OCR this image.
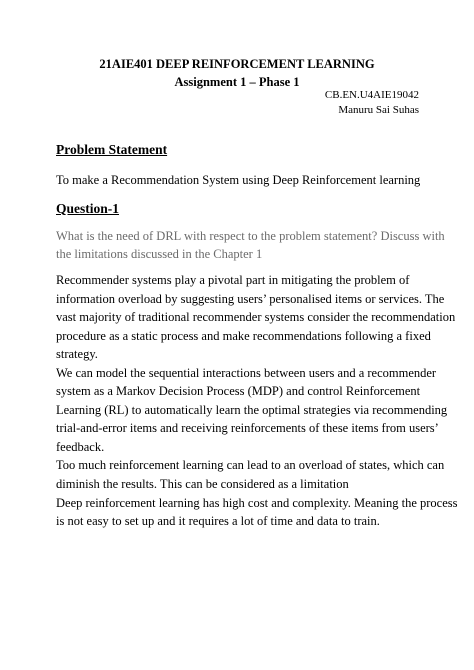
21AIE401 DEEP REINFORCEMENT LEARNING
Assignment 1 – Phase 1
CB.EN.U4AIE19042
Manuru Sai Suhas
Problem Statement
To make a Recommendation System using Deep Reinforcement learning
Question-1
What is the need of DRL with respect to the problem statement? Discuss with
the limitations discussed in the Chapter 1
Recommender systems play a pivotal part in mitigating the problem of
information overload by suggesting users’ personalised items or services. The
vast majority of traditional recommender systems consider the recommendation
procedure as a static process and make recommendations following a fixed
strategy.
We can model the sequential interactions between users and a recommender
system as a Markov Decision Process (MDP) and control Reinforcement
Learning (RL) to automatically learn the optimal strategies via recommending
trial-and-error items and receiving reinforcements of these items from users’
feedback.
Too much reinforcement learning can lead to an overload of states, which can
diminish the results. This can be considered as a limitation
Deep reinforcement learning has high cost and complexity. Meaning the process
is not easy to set up and it requires a lot of time and data to train.
